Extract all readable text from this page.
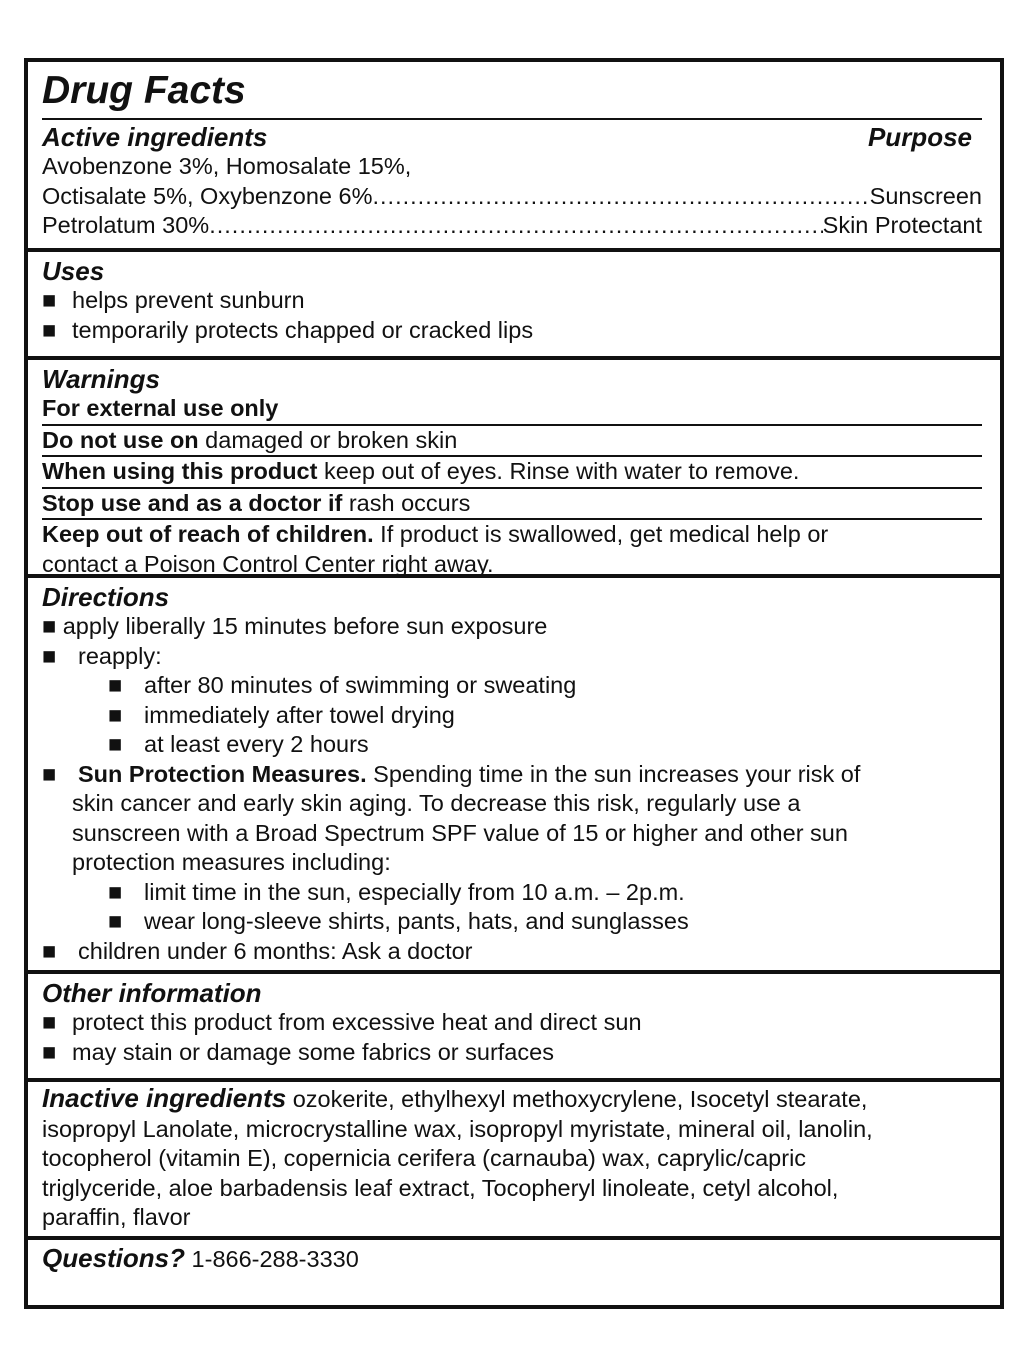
Drug Facts
Active ingredients	Purpose
Avobenzone 3%, Homosalate 15%,
Octisalate 5%, Oxybenzone 6% .....	Sunscreen
Petrolatum 30% .....	Skin Protectant
Uses
■ helps prevent sunburn
■ temporarily protects chapped or cracked lips
Warnings
For external use only
Do not use on damaged or broken skin
When using this product keep out of eyes. Rinse with water to remove.
Stop use and as a doctor if rash occurs
Keep out of reach of children. If product is swallowed, get medical help or
contact a Poison Control Center right away.
Directions
■ apply liberally 15 minutes before sun exposure
■ reapply:
■ after 80 minutes of swimming or sweating
■ immediately after towel drying
■ at least every 2 hours
■ Sun Protection Measures. Spending time in the sun increases your risk of
skin cancer and early skin aging. To decrease this risk, regularly use a
sunscreen with a Broad Spectrum SPF value of 15 or higher and other sun
protection measures including:
■ limit time in the sun, especially from 10 a.m. – 2p.m.
■ wear long-sleeve shirts, pants, hats, and sunglasses
■ children under 6 months: Ask a doctor
Other information
■ protect this product from excessive heat and direct sun
■ may stain or damage some fabrics or surfaces
Inactive ingredients ozokerite, ethylhexyl methoxycrylene, Isocetyl stearate,
isopropyl Lanolate, microcrystalline wax, isopropyl myristate, mineral oil, lanolin,
tocopherol (vitamin E), copernicia cerifera (carnauba) wax, caprylic/capric
triglyceride, aloe barbadensis leaf extract, Tocopheryl linoleate, cetyl alcohol,
paraffin, flavor
Questions? 1-866-288-3330
